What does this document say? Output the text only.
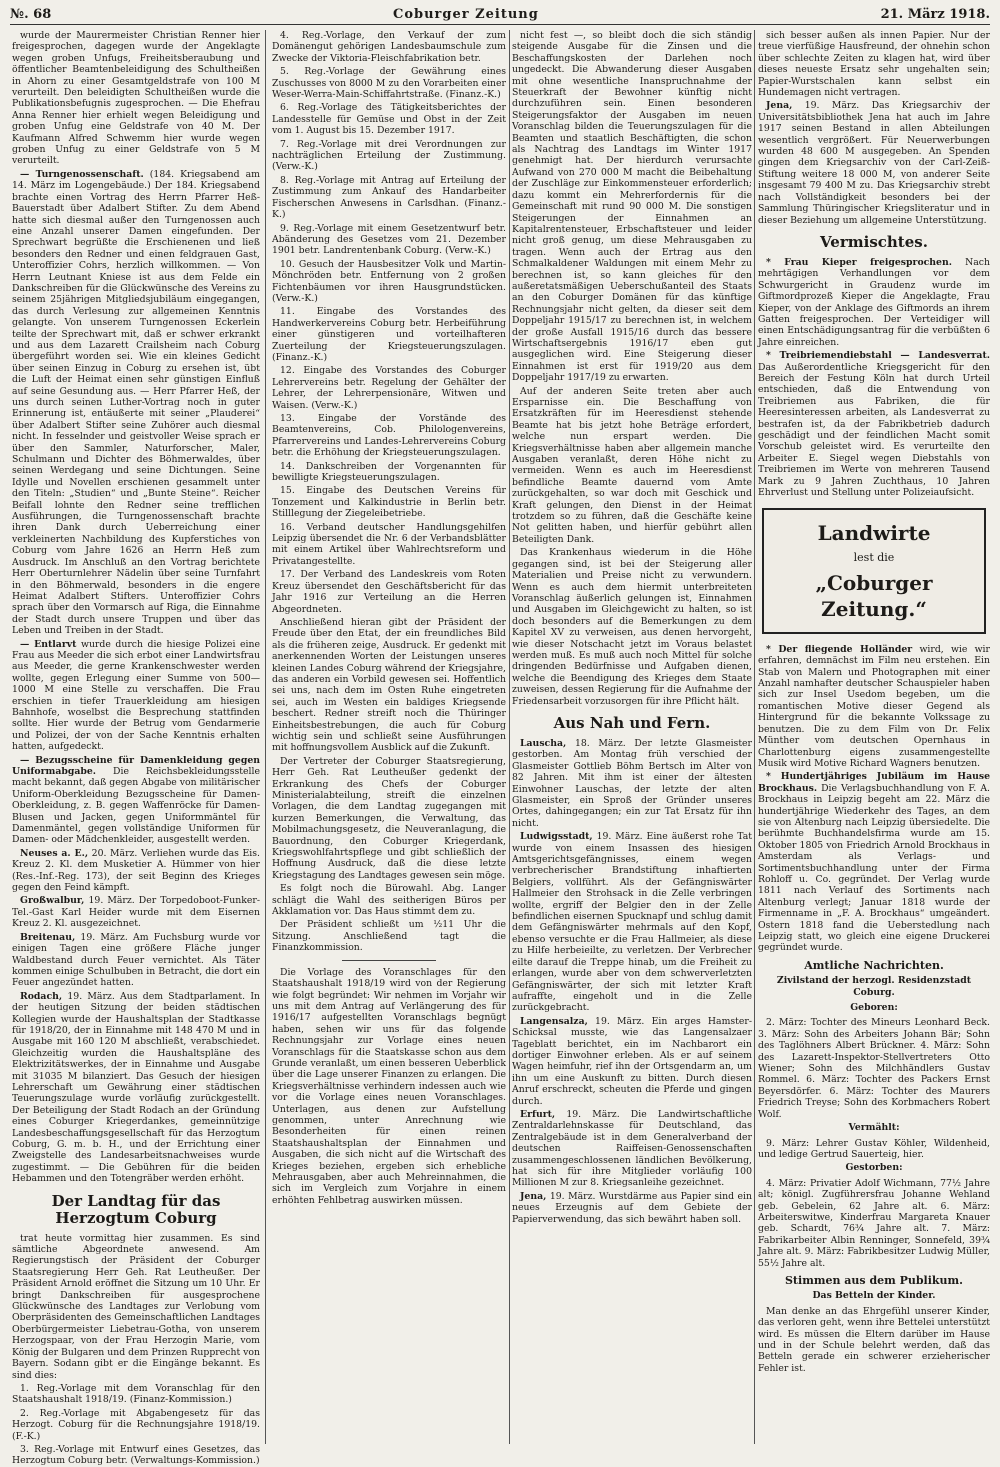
№. 68	Coburger Zeitung	21. März 1918.

wurde der Maurermeister Christian Renner hier freigesprochen, dagegen wurde der Angeklagte wegen groben Unfugs, Freiheitsberaubung und öffentlicher Beamtenbeleidigung des Schultheißen in Ahorn zu einer Gesamtgeldstrafe von 100 M verurteilt. Den beleidigten Schultheißen wurde die Publikationsbefugnis zugesprochen. — Die Ehefrau Anna Renner hier erhielt wegen Beleidigung und groben Unfug eine Geldstrafe von 40 M. Der Kaufmann Alfred Schwemm hier wurde wegen groben Unfug zu einer Geldstrafe von 5 M verurteilt.

— Turngenossenschaft. (184. Kriegsabend am 14. März im Logengebäude.) Der 184. Kriegsabend brachte einen Vortrag des Herrn Pfarrer Heß-Bauerstadt über Adalbert Stifter. Zu dem Abend hatte sich diesmal außer den Turngenossen auch eine Anzahl unserer Damen eingefunden. Der Sprechwart begrüßte die Erschienenen und ließ besonders den Redner und einen feldgrauen Gast, Unteroffizier Cohrs, herzlich willkommen. — Von Herrn Leutnant Kniese ist aus dem Felde ein Dankschreiben für die Glückwünsche des Vereins zu seinem 25jährigen Mitgliedsjubiläum eingegangen, das durch Verlesung zur allgemeinen Kenntnis gelangte. Von unserem Turngenossen Eckerlein teilte der Sprechwart mit, daß er schwer erkrankt und aus dem Lazarett Crailsheim nach Coburg übergeführt worden sei. Wie ein kleines Gedicht über seinen Einzug in Coburg zu ersehen ist, übt die Luft der Heimat einen sehr günstigen Einfluß auf seine Gesundung aus. — Herr Pfarrer Heß, der uns durch seinen Luther-Vortrag noch in guter Erinnerung ist, entäußerte mit seiner „Plauderei“ über Adalbert Stifter seine Zuhörer auch diesmal nicht. In fesselnder und geistvoller Weise sprach er über den Sammler, Naturforscher, Maler, Schulmann und Dichter des Böhmerwaldes, über seinen Werdegang und seine Dichtungen. Seine Idylle und Novellen erschienen gesammelt unter den Titeln: „Studien“ und „Bunte Steine“. Reicher Beifall lohnte den Redner seine trefflichen Ausführungen, die Turngenossenschaft brachte ihren Dank durch Ueberreichung einer verkleinerten Nachbildung des Kupferstiches von Coburg vom Jahre 1626 an Herrn Heß zum Ausdruck. Im Anschluß an den Vortrag berichtete Herr Oberturnlehrer Nädelin über seine Turnfahrt in den Böhmerwald, besonders in die engere Heimat Adalbert Stifters. Unteroffizier Cohrs sprach über den Vormarsch auf Riga, die Einnahme der Stadt durch unsere Truppen und über das Leben und Treiben in der Stadt.

— Entlarvt wurde durch die hiesige Polizei eine Frau aus Meeder die sich erbot einer Landwirtsfrau aus Meeder, die gerne Krankenschwester werden wollte, gegen Erlegung einer Summe von 500—1000 M eine Stelle zu verschaffen. Die Frau erschien in tiefer Trauerkleidung am hiesigen Bahnhofe, woselbst die Besprechung stattfinden sollte. Hier wurde der Betrug vom Gendarmerie und Polizei, der von der Sache Kenntnis erhalten hatten, aufgedeckt.

— Bezugsscheine für Damenkleidung gegen Uniformabgabe. Die Reichsbekleidungsstelle macht bekannt, daß gegen Abgabe von militärischer Uniform-Oberkleidung Bezugsscheine für Damen-Oberkleidung, z. B. gegen Waffenröcke für Damen-Blusen und Jacken, gegen Uniformmäntel für Damenmäntel, gegen vollständige Uniformen für Damen- oder Mädchenkleider, ausgestellt werden.

Neuses a. E., 20. März. Verliehen wurde das Eis. Kreuz 2. Kl. dem Musketier A. Hümmer von hier (Res.-Inf.-Reg. 173), der seit Beginn des Krieges gegen den Feind kämpft.

Großwalbur, 19. März. Der Torpedoboot-Funker-Tel.-Gast Karl Heider wurde mit dem Eisernen Kreuz 2. Kl. ausgezeichnet.

Breitenau, 19. März. Am Fuchsburg wurde vor einigen Tagen eine größere Fläche junger Waldbestand durch Feuer vernichtet. Als Täter kommen einige Schulbuben in Betracht, die dort ein Feuer angezündet hatten.

Rodach, 19. März. Aus dem Stadtparlament. In der heutigen Sitzung der beiden städtischen Kollegien wurde der Haushaltsplan der Stadtkasse für 1918/20, der in Einnahme mit 148 470 M und in Ausgabe mit 160 120 M abschließt, verabschiedet. Gleichzeitig wurden die Haushaltspläne des Elektrizitätswerkes, der in Einnahme und Ausgabe mit 31035 M bilanziert. Das Gesuch der hiesigen Lehrerschaft um Gewährung einer städtischen Teuerungszulage wurde vorläufig zurückgestellt. Der Beteiligung der Stadt Rodach an der Gründung eines Coburger Kriegerdankes, gemeinnützige Landesbeschaffungsgesellschaft für das Herzogtum Coburg, G. m. b. H., und der Errichtung einer Zweigstelle des Landesarbeitsnachweises wurde zugestimmt. — Die Gebühren für die beiden Hebammen und den Totengräber werden erhöht.

Der Landtag für das Herzogtum Coburg

trat heute vormittag hier zusammen. Es sind sämtliche Abgeordnete anwesend. Am Regierungstisch der Präsident der Coburger Staatsregierung Herr Geh. Rat Leutheußer. Der Präsident Arnold eröffnet die Sitzung um 10 Uhr. Er bringt Dankschreiben für ausgesprochene Glückwünsche des Landtages zur Verlobung vom Oberpräsidenten des Gemeinschaftlichen Landtages Oberbürgermeister Liebetrau-Gotha, von unserem Herzogspaar, von der Frau Herzogin Marie, vom König der Bulgaren und dem Prinzen Rupprecht von Bayern. Sodann gibt er die Eingänge bekannt. Es sind dies:

1. Reg.-Vorlage mit dem Voranschlag für den Staatshaushalt 1918/19. (Finanz-Kommission.)

2. Reg.-Vorlage mit Abgabengesetz für das Herzogt. Coburg für die Rechnungsjahre 1918/19. (F.-K.)

3. Reg.-Vorlage mit Entwurf eines Gesetzes, das Herzogtum Coburg betr. (Verwaltungs-Kommission.)

4. Reg.-Vorlage, den Verkauf der zum Domänengut gehörigen Landesbaumschule zum Zwecke der Viktoria-Fleischfabrikation betr.

5. Reg.-Vorlage der Gewährung eines Zuschusses von 8000 M zu den Vorarbeiten einer Weser-Werra-Main-Schiffahrtstraße. (Finanz.-K.)

6. Reg.-Vorlage des Tätigkeitsberichtes der Landesstelle für Gemüse und Obst in der Zeit vom 1. August bis 15. Dezember 1917.

7. Reg.-Vorlage mit drei Verordnungen zur nachträglichen Erteilung der Zustimmung. (Verw.-K.)

8. Reg.-Vorlage mit Antrag auf Erteilung der Zustimmung zum Ankauf des Handarbeiter Fischerschen Anwesens in Carlsdhan. (Finanz.-K.)

9. Reg.-Vorlage mit einem Gesetzentwurf betr. Abänderung des Gesetzes vom 21. Dezember 1901 betr. Landrentenbank Coburg. (Verw.-K.)

10. Gesuch der Hausbesitzer Volk und Martin-Mönchröden betr. Entfernung von 2 großen Fichtenbäumen vor ihren Hausgrundstücken. (Verw.-K.)

11. Eingabe des Vorstandes des Handwerkervereins Coburg betr. Herbeiführung einer günstigeren und vorteilhafteren Zuerteilung der Kriegsteuerungszulagen. (Finanz.-K.)

12. Eingabe des Vorstandes des Coburger Lehrervereins betr. Regelung der Gehälter der Lehrer, der Lehrerpensionäre, Witwen und Waisen. (Verw.-K.)

13. Eingabe der Vorstände des Beamtenvereins, Cob. Philologenvereins, Pfarrervereins und Landes-Lehrervereins Coburg betr. die Erhöhung der Kriegsteuerungszulagen.

14. Dankschreiben der Vorgenannten für bewilligte Kriegsteuerungszulagen.

15. Eingabe des Deutschen Vereins für Tonzement und Kalkindustrie in Berlin betr. Stilllegung der Ziegeleibetriebe.

16. Verband deutscher Handlungsgehilfen Leipzig übersendet die Nr. 6 der Verbandsblätter mit einem Artikel über Wahlrechtsreform und Privatangestellte.

17. Der Verband des Landeskreis vom Roten Kreuz übersendet den Geschäftsbericht für das Jahr 1916 zur Verteilung an die Herren Abgeordneten.

Anschließend hieran gibt der Präsident der Freude über den Etat, der ein freundliches Bild als die früheren zeige, Ausdruck. Er gedenkt mit anerkennenden Worten der Leistungen unseres kleinen Landes Coburg während der Kriegsjahre, das anderen ein Vorbild gewesen sei. Hoffentlich sei uns, nach dem im Osten Ruhe eingetreten sei, auch im Westen ein baldiges Kriegsende beschert. Redner streift noch die Thüringer Einheitsbestrebungen, die auch für Coburg wichtig sein und schließt seine Ausführungen mit hoffnungsvollem Ausblick auf die Zukunft.

Der Vertreter der Coburger Staatsregierung, Herr Geh. Rat Leutheußer gedenkt der Erkrankung des Chefs der Coburger Ministerialabteilung, streift die einzelnen Vorlagen, die dem Landtag zugegangen mit kurzen Bemerkungen, die Verwaltung, das Mobilmachungsgesetz, die Neuveranlagung, die Bauordnung, den Coburger Kriegerdank, Kriegswohlfahrtspflege und gibt schließlich der Hoffnung Ausdruck, daß die diese letzte Kriegstagung des Landtages gewesen sein möge.

Es folgt noch die Bürowahl. Abg. Langer schlägt die Wahl des seitherigen Büros per Akklamation vor. Das Haus stimmt dem zu.

Der Präsident schließt um ½11 Uhr die Sitzung. Anschließend tagt die Finanzkommission.

Die Vorlage des Voranschlages für den Staatshaushalt 1918/19 wird von der Regierung wie folgt begründet: Wir nehmen im Vorjahr wir uns mit dem Antrag auf Verlängerung des für 1916/17 aufgestellten Voranschlags begnügt haben, sehen wir uns für das folgende Rechnungsjahr zur Vorlage eines neuen Voranschlags für die Staatskasse schon aus dem Grunde veranlaßt, um einen besseren Ueberblick über die Lage unserer Finanzen zu erlangen. Die Kriegsverhältnisse verhindern indessen auch wie vor die Vorlage eines neuen Voranschlages. Unterlagen, aus denen zur Aufstellung genommen, unter Anrechnung wie Besonderheiten für einen reinen Staatshaushaltsplan der Einnahmen und Ausgaben, die sich nicht auf die Wirtschaft des Krieges beziehen, ergeben sich erhebliche Mehrausgaben, aber auch Mehreinnahmen, die sich im Vergleich zum Vorjahre in einem erhöhten Fehlbetrag auswirken müssen.

nicht fest —, so bleibt doch die sich ständig steigende Ausgabe für die Zinsen und die Beschaffungskosten der Darlehen noch ungedeckt. Die Abwanderung dieser Ausgaben mit ohne wesentliche Inanspruchnahme der Steuerkraft der Bewohner künftig nicht durchzuführen sein. Einen besonderen Steigerungsfaktor der Ausgaben im neuen Voranschlag bilden die Teuerungszulagen für die Beamten und staatlich Beschäftigten, die schon als Nachtrag des Landtags im Winter 1917 genehmigt hat. Der hierdurch verursachte Aufwand von 270 000 M macht die Beibehaltung der Zuschläge zur Einkommensteuer erforderlich; dazu kommt ein Mehrerfordernis für die Gemeinschaft mit rund 90 000 M. Die sonstigen Steigerungen der Einnahmen an Kapitalrentensteuer, Erbschaftsteuer und leider nicht groß genug, um diese Mehrausgaben zu tragen. Wenn auch der Ertrag aus den Schmalkaldener Waldungen mit einem Mehr zu berechnen ist, so kann gleiches für den außeretatsmäßigen Ueberschußanteil des Staats an den Coburger Domänen für das künftige Rechnungsjahr nicht gelten, da dieser seit dem Doppeljahr 1915/17 zu berechnen ist, in welchem der große Ausfall 1915/16 durch das bessere Wirtschaftsergebnis 1916/17 eben gut ausgeglichen wird. Eine Steigerung dieser Einnahmen ist erst für 1919/20 aus dem Doppeljahr 1917/19 zu erwarten.

Auf der anderen Seite treten aber auch Ersparnisse ein. Die Beschaffung von Ersatzkräften für im Heeresdienst stehende Beamte hat bis jetzt hohe Beträge erfordert, welche nun erspart werden. Die Kriegsverhältnisse haben aber allgemein manche Ausgaben veranlaßt, deren Höhe nicht zu vermeiden. Wenn es auch im Heeresdienst befindliche Beamte dauernd vom Amte zurückgehalten, so war doch mit Geschick und Kraft gelungen, den Dienst in der Heimat trotzdem so zu führen, daß die Geschäfte keine Not gelitten haben, und hierfür gebührt allen Beteiligten Dank.

Das Krankenhaus wiederum in die Höhe gegangen sind, ist bei der Steigerung aller Materialien und Preise nicht zu verwundern. Wenn es auch dem hiermit unterbreiteten Voranschlag äußerlich gelungen ist, Einnahmen und Ausgaben im Gleichgewicht zu halten, so ist doch besonders auf die Bemerkungen zu dem Kapitel XV zu verweisen, aus denen hervorgeht, wie dieser Notschacht jetzt im Voraus belastet werden muß. Es muß auch noch Mittel für solche dringenden Bedürfnisse und Aufgaben dienen, welche die Beendigung des Krieges dem Staate zuweisen, dessen Regierung für die Aufnahme der Friedensarbeit vorzusorgen für ihre Pflicht hält.

Aus Nah und Fern.

Lauscha, 18. März. Der letzte Glasmeister gestorben. Am Montag früh verschied der Glasmeister Gottlieb Böhm Bertsch im Alter von 82 Jahren. Mit ihm ist einer der ältesten Einwohner Lauschas, der letzte der alten Glasmeister, ein Sproß der Gründer unseres Ortes, dahingegangen; ein zur Tat Ersatz für ihn nicht.

Ludwigsstadt, 19. März. Eine äußerst rohe Tat wurde von einem Insassen des hiesigen Amtsgerichtsgefängnisses, einem wegen verbrecherischer Brandstiftung inhaftierten Belgiers, vollführt. Als der Gefängniswärter Hallmeier den Strohsack in die Zelle verbringen wollte, ergriff der Belgier den in der Zelle befindlichen eisernen Spucknapf und schlug damit dem Gefängniswärter mehrmals auf den Kopf, ebenso versuchte er die Frau Hallmeier, als diese zu Hilfe herbeieilte, zu verletzen. Der Verbrecher eilte darauf die Treppe hinab, um die Freiheit zu erlangen, wurde aber von dem schwerverletzten Gefängniswärter, der sich mit letzter Kraft aufraffte, eingeholt und in die Zelle zurückgebracht.

Langensalza, 19. März. Ein arges Hamster-Schicksal musste, wie das Langensalzaer Tageblatt berichtet, ein im Nachbarort ein dortiger Einwohner erleben. Als er auf seinem Wagen heimfuhr, rief ihn der Ortsgendarm an, um ihn um eine Auskunft zu bitten. Durch diesen Anruf erschreckt, scheuten die Pferde und gingen durch.

Erfurt, 19. März. Die Landwirtschaftliche Zentraldarlehnskasse für Deutschland, das Zentralgebäude ist in dem Generalverband der deutschen Raiffeisen-Genossenschaften zusammengeschlossenen ländlichen Bevölkerung, hat sich für ihre Mitglieder vorläufig 100 Millionen M zur 8. Kriegsanleihe gezeichnet.

Jena, 19. März. Wurstdärme aus Papier sind ein neues Erzeugnis auf dem Gebiete der Papierverwendung, das sich bewährt haben soll.

sich besser außen als innen Papier. Nur der treue vierfüßige Hausfreund, der ohnehin schon über schlechte Zeiten zu klagen hat, wird über dieses neueste Ersatz sehr ungehalten sein; Papier-Wurstschalen kann selbst ein Hundemagen nicht vertragen.

Jena, 19. März. Das Kriegsarchiv der Universitätsbibliothek Jena hat auch im Jahre 1917 seinen Bestand in allen Abteilungen wesentlich vergrößert. Für Neuerwerbungen wurden 48 600 M ausgegeben. An Spenden gingen dem Kriegsarchiv von der Carl-Zeiß-Stiftung weitere 18 000 M, von anderer Seite insgesamt 79 400 M zu. Das Kriegsarchiv strebt nach Vollständigkeit besonders bei der Sammlung Thüringischer Kriegsliteratur und in dieser Beziehung um allgemeine Unterstützung.

Vermischtes.

* Frau Kieper freigesprochen. Nach mehrtägigen Verhandlungen vor dem Schwurgericht in Graudenz wurde im Giftmordprozeß Kieper die Angeklagte, Frau Kieper, von der Anklage des Giftmords an ihrem Gatten freigesprochen. Der Verteidiger will einen Entschädigungsantrag für die verbüßten 6 Jahre einreichen.

* Treibriemendiebstahl — Landesverrat. Das Außerordentliche Kriegsgericht für den Bereich der Festung Köln hat durch Urteil entschieden, daß die Entwendung von Treibriemen aus Fabriken, die für Heeresinteressen arbeiten, als Landesverrat zu bestrafen ist, da der Fabrikbetrieb dadurch geschädigt und der feindlichen Macht somit Vorschub geleistet wird. Es verurteilte den Arbeiter E. Siegel wegen Diebstahls von Treibriemen im Werte von mehreren Tausend Mark zu 9 Jahren Zuchthaus, 10 Jahren Ehrverlust und Stellung unter Polizeiaufsicht.

Landwirte
lest die
„Coburger Zeitung.“

* Der fliegende Holländer wird, wie wir erfahren, demnächst im Film neu erstehen. Ein Stab von Malern und Photographen mit einer Anzahl namhafter deutscher Schauspieler haben sich zur Insel Usedom begeben, um die romantischen Motive dieser Gegend als Hintergrund für die bekannte Volkssage zu benutzen. Die zu dem Film von Dr. Felix Münther vom deutschen Opernhaus in Charlottenburg eigens zusammengestellte Musik wird Motive Richard Wagners benutzen.

* Hundertjähriges Jubiläum im Hause Brockhaus. Die Verlagsbuchhandlung von F. A. Brockhaus in Leipzig begeht am 22. März die hundertjährige Wiederkehr des Tages, an dem sie von Altenburg nach Leipzig übersiedelte. Die berühmte Buchhandelsfirma wurde am 15. Oktober 1805 von Friedrich Arnold Brockhaus in Amsterdam als Verlags- und Sortimentsbuchhandlung unter der Firma Rohloff u. Co. gegründet. Der Verlag wurde 1811 nach Verlauf des Sortiments nach Altenburg verlegt; Januar 1818 wurde der Firmenname in „F. A. Brockhaus“ umgeändert. Ostern 1818 fand die Ueberstedlung nach Leipzig statt, wo gleich eine eigene Druckerei gegründet wurde.

Amtliche Nachrichten.
Zivilstand der herzogl. Residenzstadt Coburg.
Geboren:

2. März: Tochter des Mineurs Leonhard Beck. 3. März: Sohn des Arbeiters Johann Bär; Sohn des Taglöhners Albert Brückner. 4. März: Sohn des Lazarett-Inspektor-Stellvertreters Otto Wiener; Sohn des Milchhändlers Gustav Rommel. 6. März: Tochter des Packers Ernst Beyersdörfer. 6. März: Tochter des Maurers Friedrich Treyse; Sohn des Korbmachers Robert Wolf.

Vermählt:

9. März: Lehrer Gustav Köhler, Wildenheid, und ledige Gertrud Sauerteig, hier.

Gestorben:

4. März: Privatier Adolf Wichmann, 77½ Jahre alt; königl. Zugführersfrau Johanne Wehland geb. Gebelein, 62 Jahre alt. 6. März: Arbeiterswitwe, Kinderfrau Margareta Knauer geb. Schardt, 76¾ Jahre alt. 7. März: Fabrikarbeiter Albin Renninger, Sonnefeld, 39¾ Jahre alt. 9. März: Fabrikbesitzer Ludwig Müller, 55½ Jahre alt.

Stimmen aus dem Publikum.
Das Betteln der Kinder.

Man denke an das Ehrgefühl unserer Kinder, das verloren geht, wenn ihre Bettelei unterstützt wird. Es müssen die Eltern darüber im Hause und in der Schule belehrt werden, daß das Betteln gerade ein schwerer erzieherischer Fehler ist.
